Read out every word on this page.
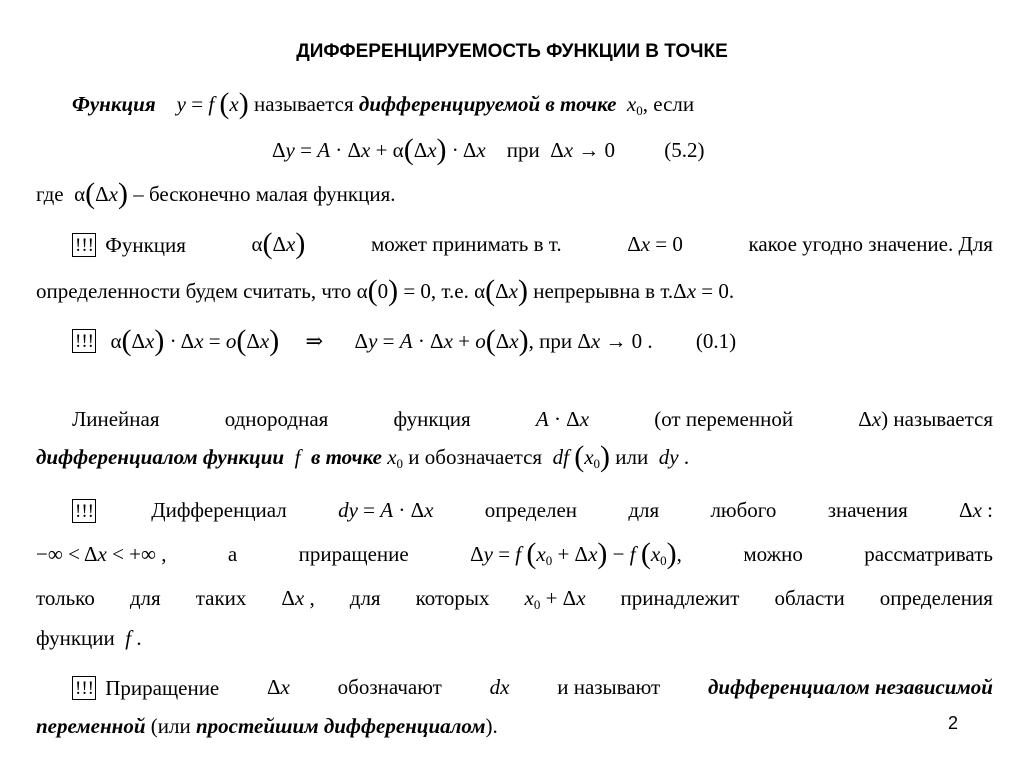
ДИФФЕРЕНЦИРУЕМОСТЬ ФУНКЦИИ В ТОЧКЕ
Функция y = f (x) называется дифференцируемой в точке $x_0$, если
Δy = A · Δx + α(Δx) · Δx при  Δx → 0 (5.2)
где  α(Δx) – бесконечно малая функция.
!!! Функция	α(Δx)	может принимать в т.	Δx = 0	какое угодно значение. Для
определенности будем считать, что α(0) = 0, т.е. α(Δx) непрерывна в т.Δx = 0.
!!!  α(Δx) · Δx = o(Δx)     ⇒      Δy = A · Δx + o(Δx), при Δx → 0 . (0.1)
Линейная	однородная	функция	A · Δx	(от переменной	Δx) называется
дифференциалом функции f в точке $x_0$ и обозначается df $(x_0)$ или dy .
!!!	Дифференциал dy = A · Δx определен для любого значения Δx :
−∞ < Δx < +∞ ,	а	приращение	Δy = f $(x_0 + \Delta x) - f$ $(x_0)$,	можно	рассматривать
только для таких Δx , для которых $x_0 + \Delta x$ принадлежит области определения
функции f .
!!! Приращение Δx обозначают dx и называют дифференциалом независимой
переменной (или простейшим дифференциалом).	2
